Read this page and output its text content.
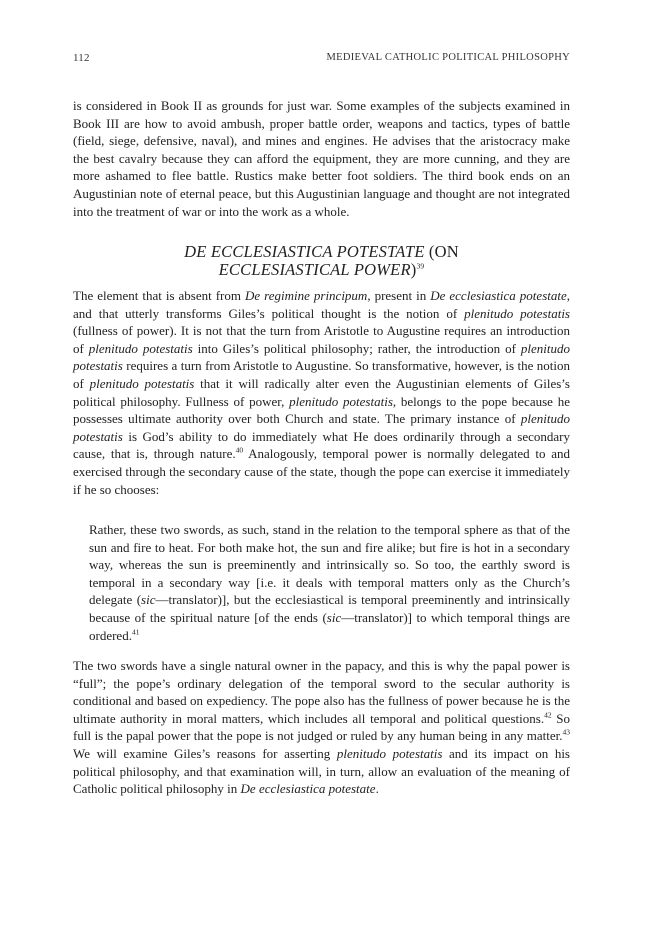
112	MEDIEVAL CATHOLIC POLITICAL PHILOSOPHY

is considered in Book II as grounds for just war. Some examples of the subjects examined in Book III are how to avoid ambush, proper battle order, weapons and tactics, types of battle (field, siege, defensive, naval), and mines and engines. He advises that the aristocracy make the best cavalry because they can afford the equipment, they are more cunning, and they are more ashamed to flee battle. Rustics make better foot soldiers. The third book ends on an Augustinian note of eternal peace, but this Augustinian language and thought are not integrated into the treatment of war or into the work as a whole.

DE ECCLESIASTICA POTESTATE (ON
ECCLESIASTICAL POWER)$^{39}$

The element that is absent from De regimine principum, present in De ecclesiastica potestate, and that utterly transforms Giles’s political thought is the notion of plenitudo potestatis (fullness of power). It is not that the turn from Aristotle to Augustine requires an introduction of plenitudo potestatis into Giles’s political philosophy; rather, the introduction of plenitudo potestatis requires a turn from Aristotle to Augustine. So transformative, however, is the notion of plenitudo potestatis that it will radically alter even the Augustinian elements of Giles’s political philosophy. Fullness of power, plenitudo potestatis, belongs to the pope because he possesses ultimate authority over both Church and state. The primary instance of plenitudo potestatis is God’s ability to do immediately what He does ordinarily through a secondary cause, that is, through nature.$^{40}$ Analogously, temporal power is normally delegated to and exercised through the secondary cause of the state, though the pope can exercise it immediately if he so chooses:

Rather, these two swords, as such, stand in the relation to the temporal sphere as that of the sun and fire to heat. For both make hot, the sun and fire alike; but fire is hot in a secondary way, whereas the sun is preeminently and intrinsically so. So too, the earthly sword is temporal in a secondary way [i.e. it deals with temporal matters only as the Church’s delegate (sic—translator)], but the ecclesiastical is temporal preeminently and intrinsically because of the spiritual nature [of the ends (sic—translator)] to which temporal things are ordered.$^{41}$

The two swords have a single natural owner in the papacy, and this is why the papal power is “full”; the pope’s ordinary delegation of the temporal sword to the secular authority is conditional and based on expediency. The pope also has the fullness of power because he is the ultimate authority in moral matters, which includes all temporal and political questions.$^{42}$ So full is the papal power that the pope is not judged or ruled by any human being in any matter.$^{43}$ We will examine Giles’s reasons for asserting plenitudo potestatis and its impact on his political philosophy, and that examination will, in turn, allow an evaluation of the meaning of Catholic political philosophy in De ecclesiastica potestate.
